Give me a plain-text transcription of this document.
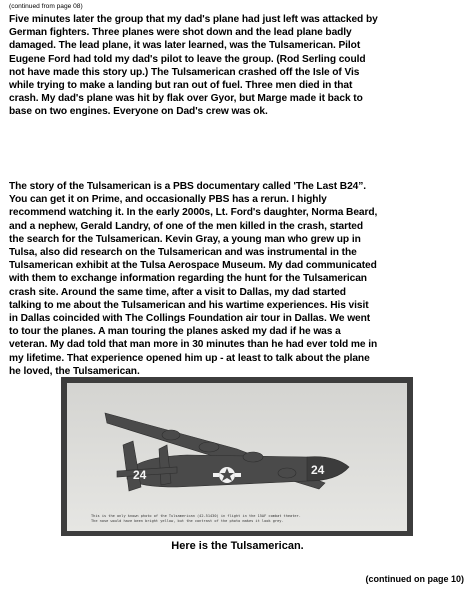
(continued from page 08)
Five minutes later the group that my dad's plane had just left was attacked by
German fighters. Three planes were shot down and the lead plane badly
damaged. The lead plane, it was later learned, was the Tulsamerican. Pilot
Eugene Ford had told my dad's pilot to leave the group. (Rod Serling could
not have made this story up.) The Tulsamerican crashed off the Isle of Vis
while trying to make a landing but ran out of fuel. Three men died in that
crash. My dad's plane was hit by flak over Gyor, but Marge made it back to
base on two engines. Everyone on Dad's crew was ok.
The story of the Tulsamerican is a PBS documentary called 'The Last B24”.
You can get it on Prime, and occasionally PBS has a rerun. I highly
recommend watching it. In the early 2000s, Lt. Ford's daughter, Norma Beard,
and a nephew, Gerald Landry, of one of the men killed in the crash, started
the search for the Tulsamerican. Kevin Gray, a young man who grew up in
Tulsa, also did research on the Tulsamerican and was instrumental in the
Tulsamerican exhibit at the Tulsa Aerospace Museum. My dad communicated
with them to exchange information regarding the hunt for the Tulsamerican
crash site. Around the same time, after a visit to Dallas, my dad started
talking to me about the Tulsamerican and his wartime experiences. His visit
in Dallas coincided with The Collings Foundation air tour in Dallas. We went
to tour the planes. A man touring the planes asked my dad if he was a
veteran. My dad told that man more in 30 minutes than he had ever told me in
my lifetime. That experience opened him up - at least to talk about the plane
he loved, the Tulsamerican.
24	24
This is the only known photo of the Tulsamerican (42-51430) in flight in the 15AF combat theater.
The nose would have been bright yellow, but the contrast of the photo makes it look grey.
Here is the Tulsamerican.
(continued on page 10)
